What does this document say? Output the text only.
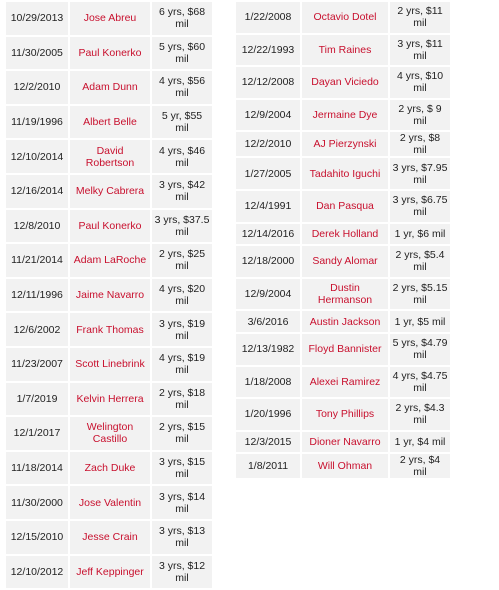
10/29/2013	Jose Abreu	6 yrs, $68 mil
11/30/2005	Paul Konerko	5 yrs, $60 mil
12/2/2010	Adam Dunn	4 yrs, $56 mil
11/19/1996	Albert Belle	5 yr, $55 mil
12/10/2014	David Robertson	4 yrs, $46 mil
12/16/2014	Melky Cabrera	3 yrs, $42 mil
12/8/2010	Paul Konerko	3 yrs, $37.5 mil
11/21/2014	Adam LaRoche	2 yrs, $25 mil
12/11/1996	Jaime Navarro	4 yrs, $20 mil
12/6/2002	Frank Thomas	3 yrs, $19 mil
11/23/2007	Scott Linebrink	4 yrs, $19 mil
1/7/2019	Kelvin Herrera	2 yrs, $18 mil
12/1/2017	Welington Castillo	2 yrs, $15 mil
11/18/2014	Zach Duke	3 yrs, $15 mil
11/30/2000	Jose Valentin	3 yrs, $14 mil
12/15/2010	Jesse Crain	3 yrs, $13 mil
12/10/2012	Jeff Keppinger	3 yrs, $12 mil
1/22/2008	Octavio Dotel	2 yrs, $11 mil
12/22/1993	Tim Raines	3 yrs, $11 mil
12/12/2008	Dayan Viciedo	4 yrs, $10 mil
12/9/2004	Jermaine Dye	2 yrs, $ 9 mil
12/2/2010	AJ Pierzynski	2 yrs, $8 mil
1/27/2005	Tadahito Iguchi	3 yrs, $7.95 mil
12/4/1991	Dan Pasqua	3 yrs, $6.75 mil
12/14/2016	Derek Holland	1 yr, $6 mil
12/18/2000	Sandy Alomar	2 yrs, $5.4 mil
12/9/2004	Dustin Hermanson	2 yrs, $5.15 mil
3/6/2016	Austin Jackson	1 yr, $5 mil
12/13/1982	Floyd Bannister	5 yrs, $4.79 mil
1/18/2008	Alexei Ramirez	4 yrs, $4.75 mil
1/20/1996	Tony Phillips	2 yrs, $4.3 mil
12/3/2015	Dioner Navarro	1 yr, $4 mil
1/8/2011	Will Ohman	2 yrs, $4 mil
